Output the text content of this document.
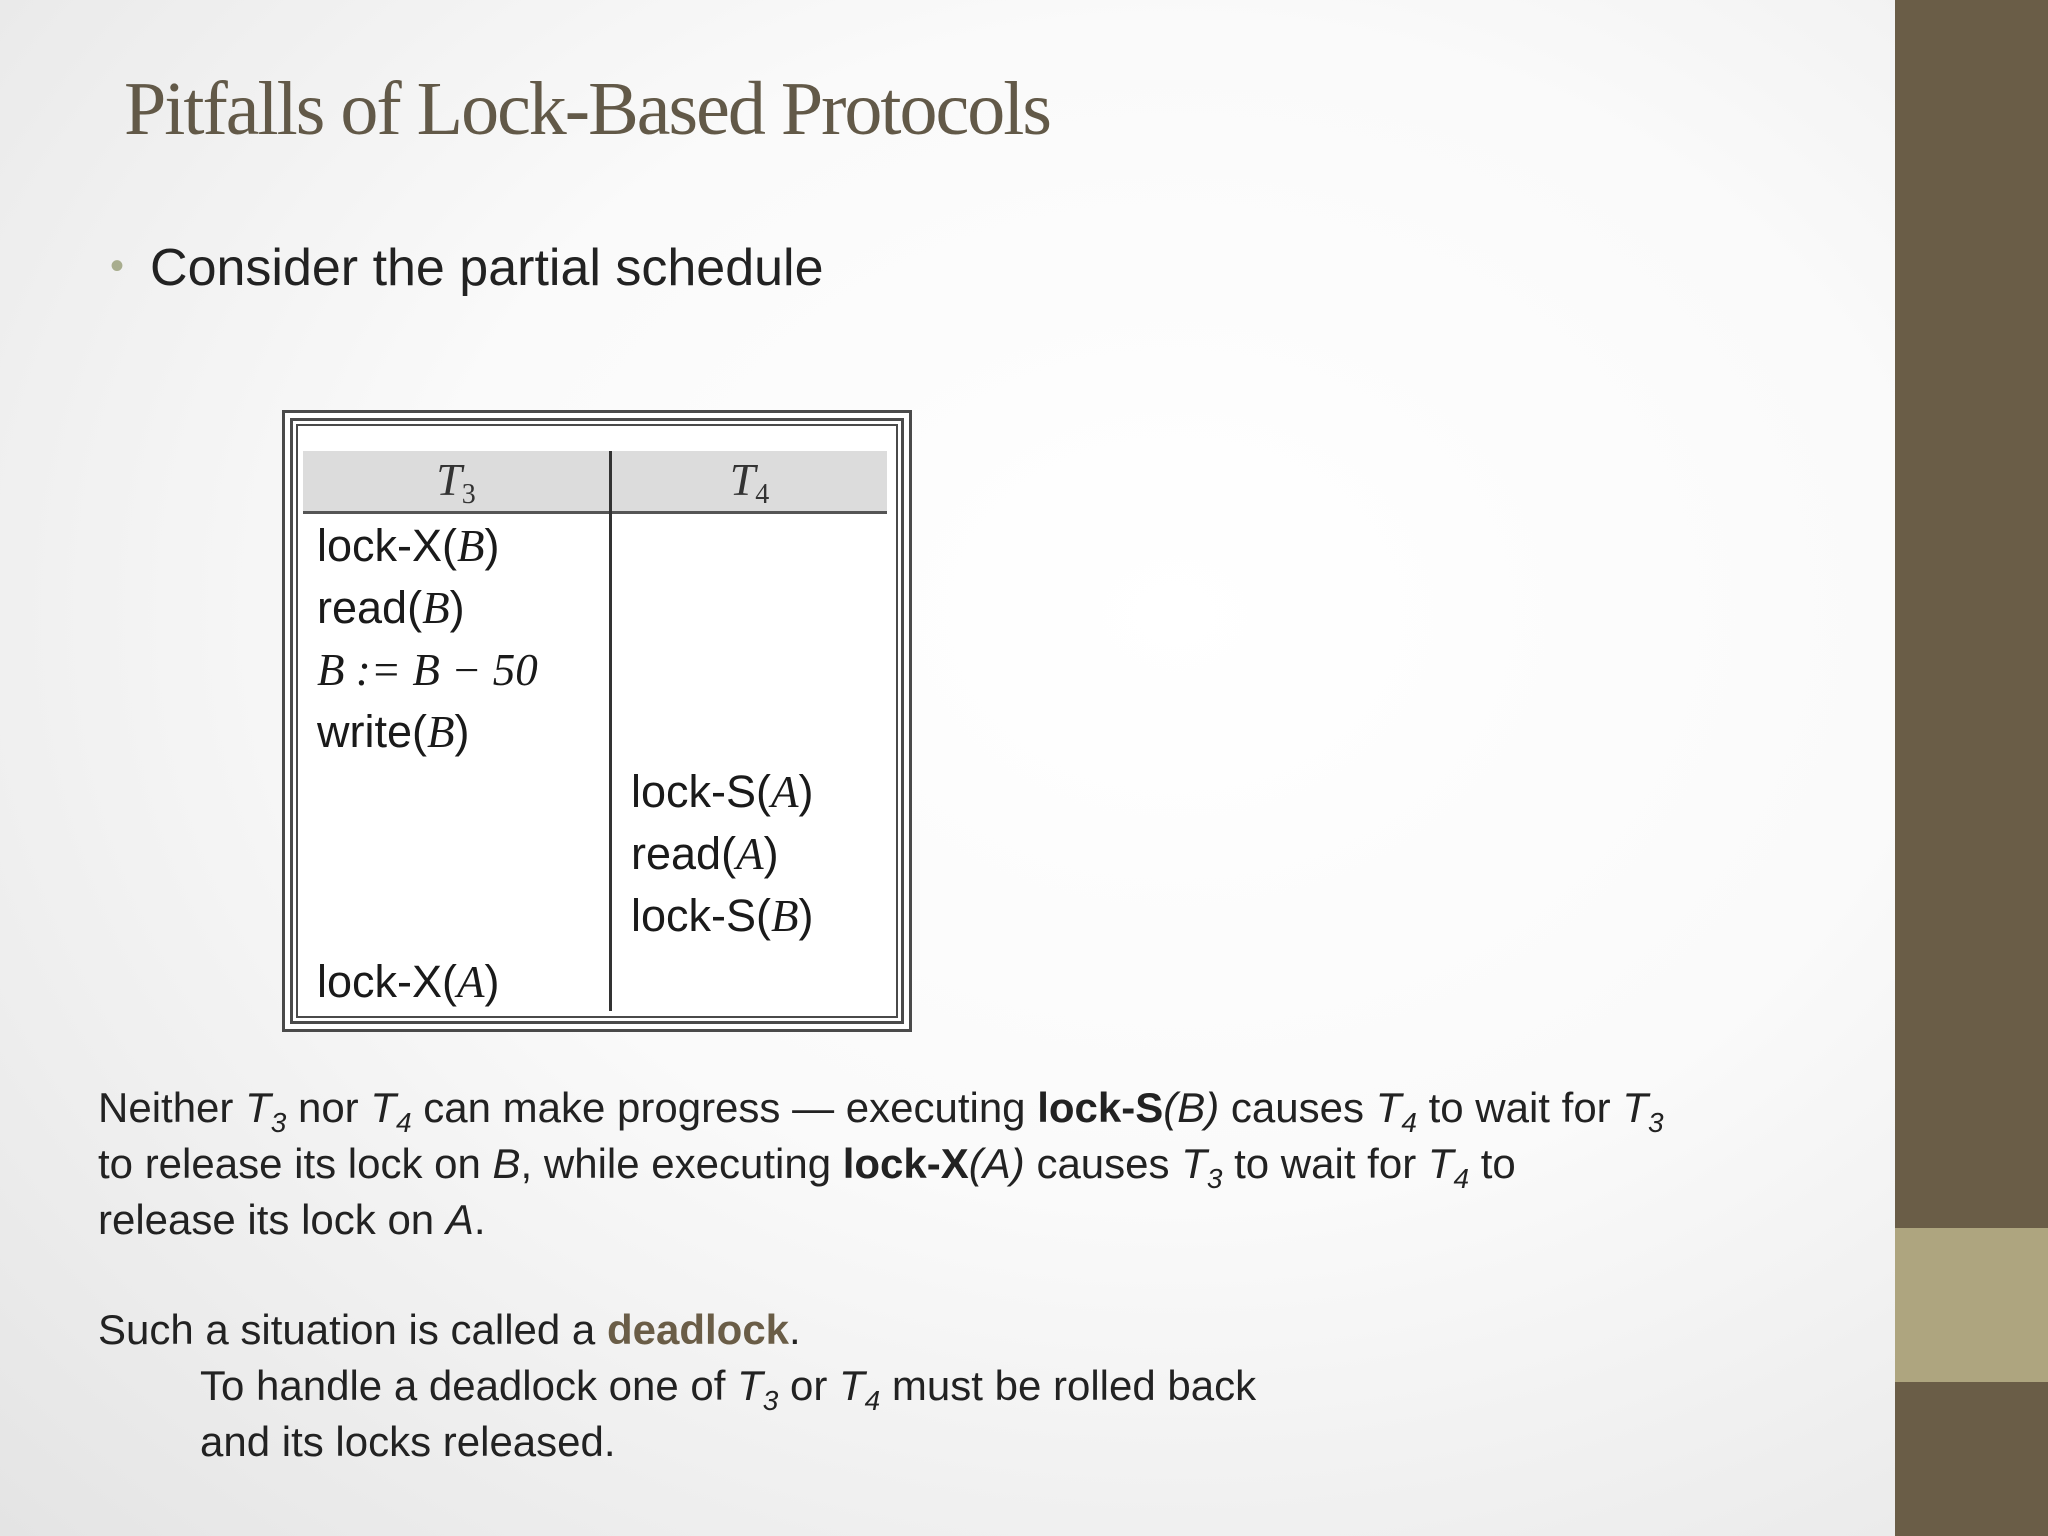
Pitfalls of Lock-Based Protocols
• Consider the partial schedule
$T_3$	$T_4$
lock-X(B)
read(B)
B := B − 50
write(B)
lock-S(A)
read(A)
lock-S(B)
lock-X(A)

Neither $T_3$ nor $T_4$ can make progress — executing lock-S(B) causes $T_4$ to wait for $T_3$

to release its lock on B, while executing lock-X(A) causes $T_3$ to wait for $T_4$ to

release its lock on A.

Such a situation is called a deadlock.

To handle a deadlock one of $T_3$ or $T_4$ must be rolled back

and its locks released.
